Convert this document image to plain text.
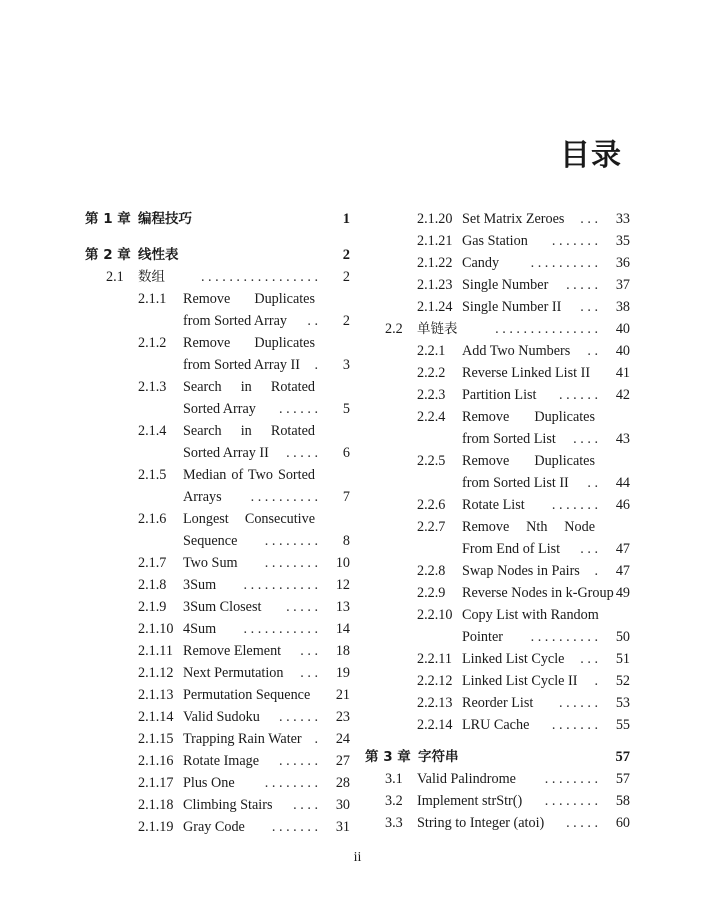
目录
第 1 章 编程技巧	1
第 2 章 线性表	2
2.1 数组	. . . . . . . . . . . . . . . . .	2
2.1.1 Remove Duplicates
from Sorted Array	. .	2
2.1.2 Remove Duplicates
from Sorted Array II	.	3
2.1.3 Search in Rotated
Sorted Array	. . . . . .	5
2.1.4 Search in Rotated
Sorted Array II	. . . . .	6
2.1.5 Median of Two Sorted
Arrays	. . . . . . . . . .	7
2.1.6 Longest Consecutive
Sequence	. . . . . . . .	8
2.1.7 Two Sum	. . . . . . . .	10
2.1.8 3Sum	. . . . . . . . . . .	12
2.1.9 3Sum Closest	. . . . .	13
2.1.10 4Sum	. . . . . . . . . . .	14
2.1.11 Remove Element	. . .	18
2.1.12 Next Permutation	. . .	19
2.1.13 Permutation Sequence	21
2.1.14 Valid Sudoku	. . . . . .	23
2.1.15 Trapping Rain Water .	24
2.1.16 Rotate Image	. . . . . .	27
2.1.17 Plus One	. . . . . . . .	28
2.1.18 Climbing Stairs	. . . .	30
2.1.19 Gray Code	. . . . . . .	31
2.1.20 Set Matrix Zeroes	. . .	33
2.1.21 Gas Station	. . . . . . .	35
2.1.22 Candy	. . . . . . . . . .	36
2.1.23 Single Number	. . . . .	37
2.1.24 Single Number II	. . .	38
2.2 单链表	. . . . . . . . . . . . . . .	40
2.2.1 Add Two Numbers	. .	40
2.2.2 Reverse Linked List II	41
2.2.3 Partition List	. . . . . .	42
2.2.4 Remove Duplicates
from Sorted List	. . . .	43
2.2.5 Remove Duplicates
from Sorted List II	. .	44
2.2.6 Rotate List	. . . . . . .	46
2.2.7 Remove Nth Node
From End of List	. . .	47
2.2.8 Swap Nodes in Pairs	.	47
2.2.9 Reverse Nodes in k-Group 49
2.2.10 Copy List with Random
Pointer	. . . . . . . . . .	50
2.2.11 Linked List Cycle	. . .	51
2.2.12 Linked List Cycle II	.	52
2.2.13 Reorder List	. . . . . .	53
2.2.14 LRU Cache	. . . . . . .	55
第 3 章 字符串	57
3.1 Valid Palindrome	. . . . . . . .	57
3.2 Implement strStr()	. . . . . . . .	58
3.3 String to Integer (atoi)	. . . . .	60
ii
